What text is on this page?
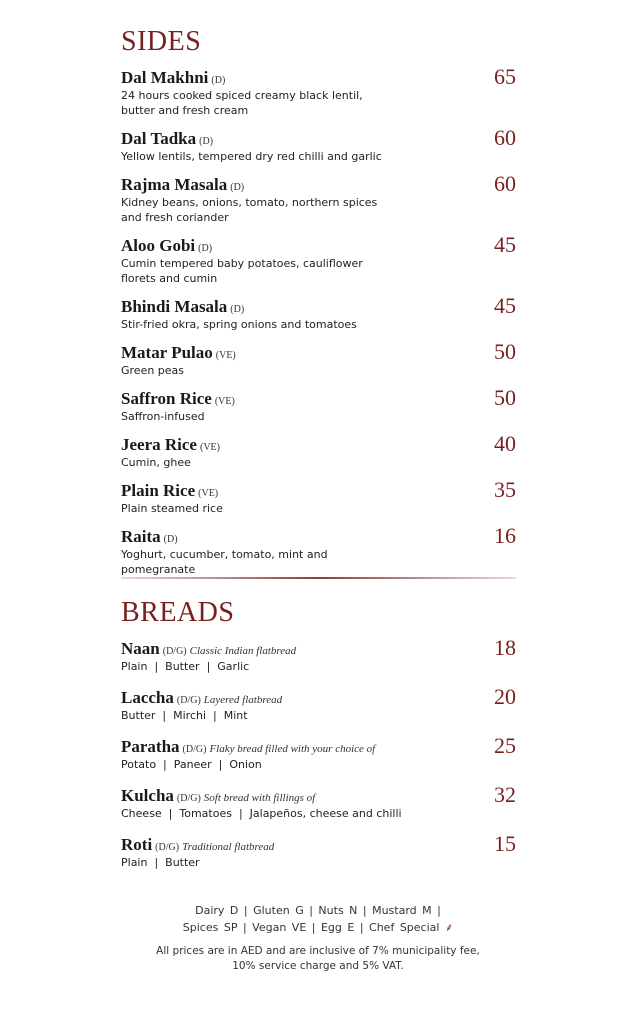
SIDES
Dal Makhni (D)
24 hours cooked spiced creamy black lentil, butter and fresh cream
65
Dal Tadka (D)
Yellow lentils, tempered dry red chilli and garlic
60
Rajma Masala (D)
Kidney beans, onions, tomato, northern spices and fresh coriander
60
Aloo Gobi (D)
Cumin tempered baby potatoes, cauliflower florets and cumin
45
Bhindi Masala (D)
Stir-fried okra, spring onions and tomatoes
45
Matar Pulao (VE)
Green peas
50
Saffron Rice (VE)
Saffron-infused
50
Jeera Rice (VE)
Cumin, ghee
40
Plain Rice (VE)
Plain steamed rice
35
Raita (D)
Yoghurt, cucumber, tomato, mint and pomegranate
16
BREADS
Naan (D/G) Classic Indian flatbread
Plain  |  Butter  |  Garlic
18
Laccha (D/G) Layered flatbread
Butter  |  Mirchi  |  Mint
20
Paratha (D/G) Flaky bread filled with your choice of
Potato  |  Paneer  |  Onion
25
Kulcha (D/G) Soft bread with fillings of
Cheese  |  Tomatoes  |  Jalapeños, cheese and chilli
32
Roti (D/G) Traditional flatbread
Plain  |  Butter
15
Dairy D | Gluten G | Nuts N | Mustard M |
Spices SP | Vegan VE | Egg E | Chef Special ⸙
All prices are in AED and are inclusive of 7% municipality fee,
10% service charge and 5% VAT.
